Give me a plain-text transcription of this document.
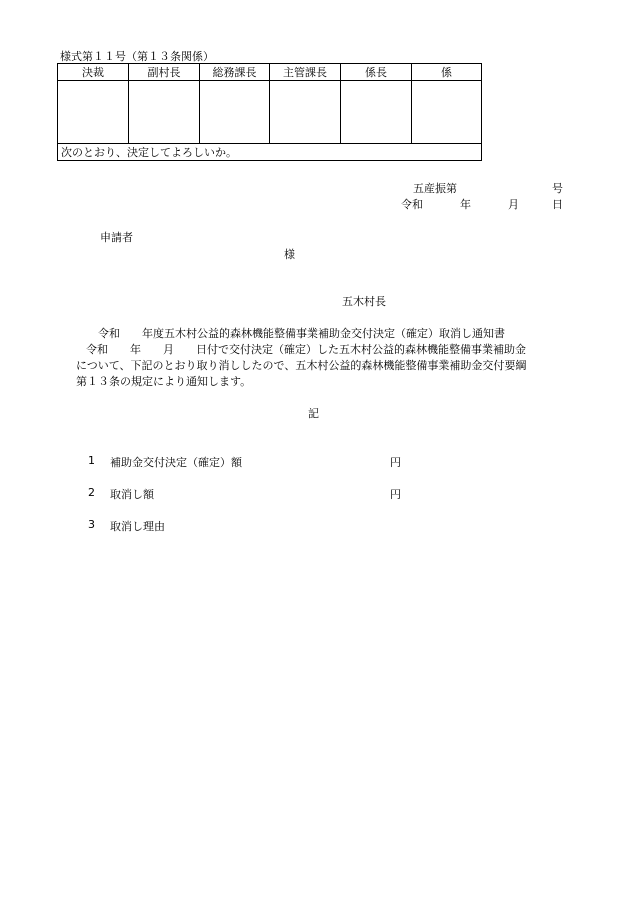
様式第１１号（第１３条関係）
決裁	副村長	総務課長	主管課長	係長	係

次のとおり、決定してよろしいか。					
五産振第	号
令和	年	月	日
申請者
様
五木村長
令和　　年度五木村公益的森林機能整備事業補助金交付決定（確定）取消し通知書
令和　　年　　月　　日付で交付決定（確定）した五木村公益的森林機能整備事業補助金
について、下記のとおり取り消ししたので、五木村公益的森林機能整備事業補助金交付要綱
第１３条の規定により通知します。
記
1 補助金交付決定（確定）額	円
2 取消し額	円
3 取消し理由
